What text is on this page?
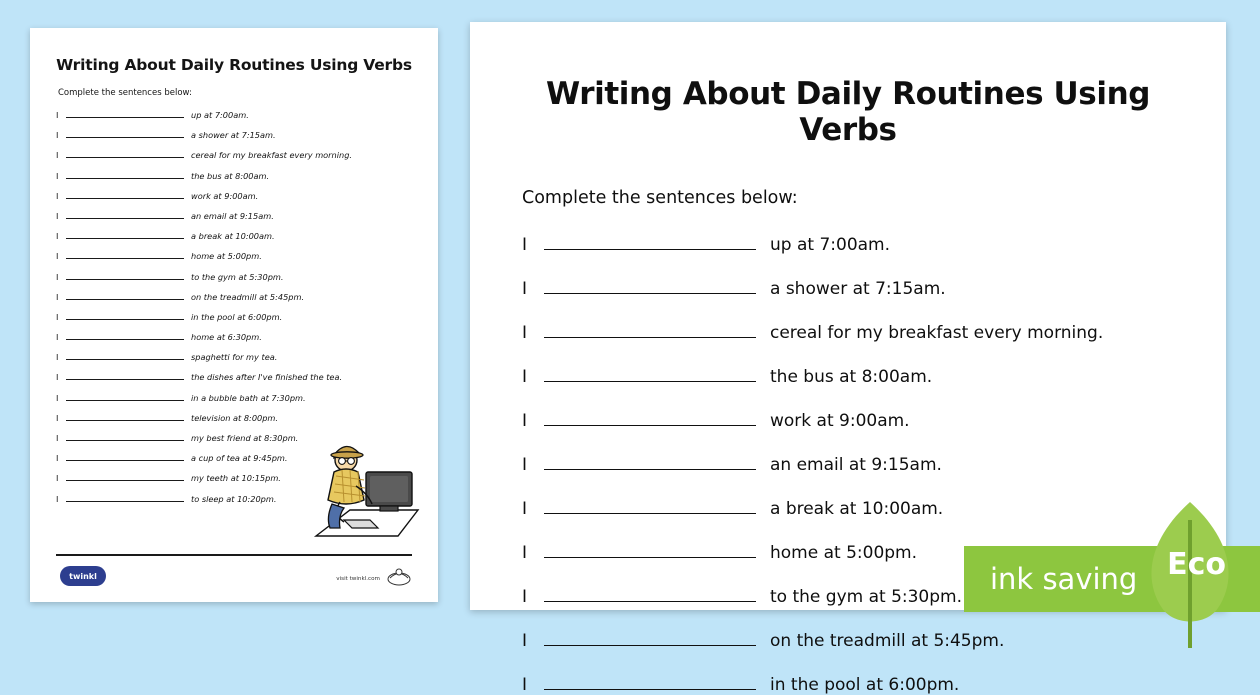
Writing About Daily Routines Using Verbs
Complete the sentences below:
I	up at 7:00am.
I	a shower at 7:15am.
I	cereal for my breakfast every morning.
I	the bus at 8:00am.
I	work at 9:00am.
I	an email at 9:15am.
I	a break at 10:00am.
I	home at 5:00pm.
I	to the gym at 5:30pm.
I	on the treadmill at 5:45pm.
I	in the pool at 6:00pm.
I	home at 6:30pm.
I	spaghetti for my tea.
I	the dishes after I've finished the tea.
I	in a bubble bath at 7:30pm.
I	television at 8:00pm.
I	my best friend at 8:30pm.
I	a cup of tea at 9:45pm.
I	my teeth at 10:15pm.
I	to sleep at 10:20pm.
twinkl	visit twinkl.com
Writing About Daily Routines Using Verbs
Complete the sentences below:
I	up at 7:00am.
I	a shower at 7:15am.
I	cereal for my breakfast every morning.
I	the bus at 8:00am.
I	work at 9:00am.
I	an email at 9:15am.
I	a break at 10:00am.
I	home at 5:00pm.
I	to the gym at 5:30pm.
I	on the treadmill at 5:45pm.
I	in the pool at 6:00pm.
ink saving Eco
